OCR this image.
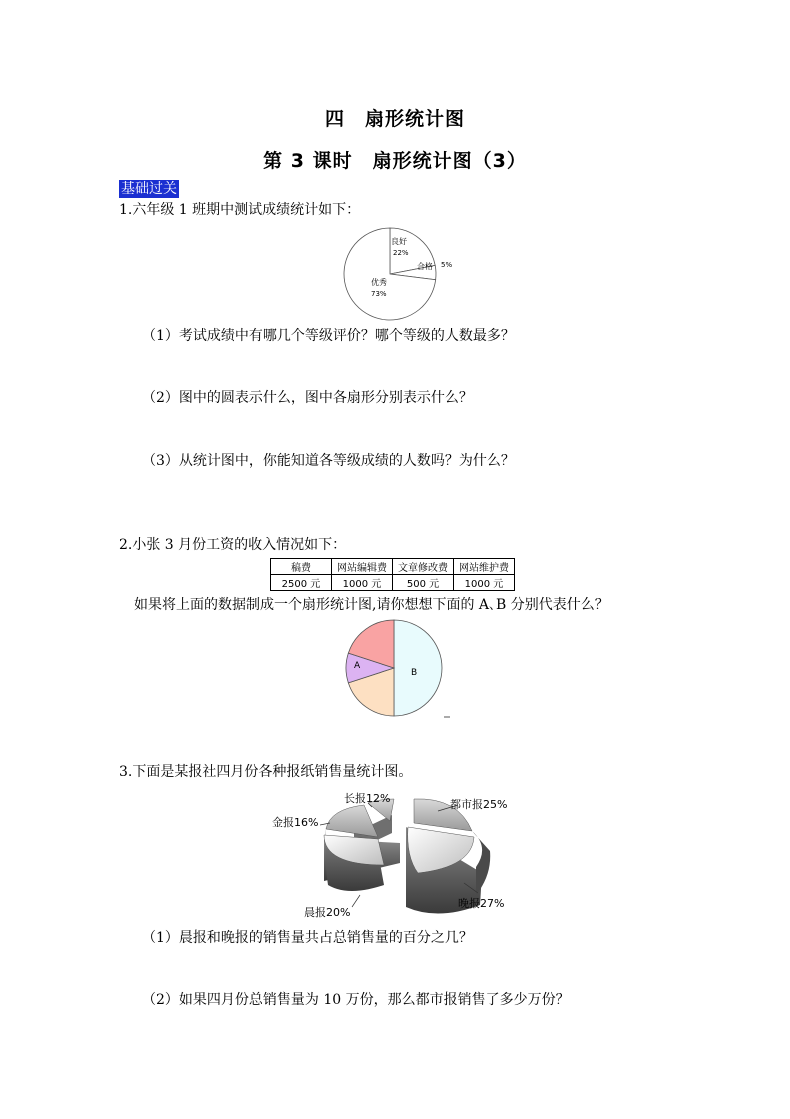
四　扇形统计图
第 3 课时　扇形统计图（3）
基础过关
1.六年级 1 班期中测试成绩统计如下：
良好
22%
合格 5%
优秀
73%
（1）考试成绩中有哪几个等级评价？哪个等级的人数最多？
（2）图中的圆表示什么，图中各扇形分别表示什么？
（3）从统计图中，你能知道各等级成绩的人数吗？为什么？
2.小张 3 月份工资的收入情况如下：
稿费	网站编辑费	文章修改费	网站维护费
2500 元	1000 元	500 元	1000 元
如果将上面的数据制成一个扇形统计图,请你想想下面的 A､B 分别代表什么？
B
A
3.下面是某报社四月份各种报纸销售量统计图。
长报12%
金报16%
都市报25%
晚报27%
晨报20%
（1）晨报和晚报的销售量共占总销售量的百分之几？
（2）如果四月份总销售量为 10 万份，那么都市报销售了多少万份？
